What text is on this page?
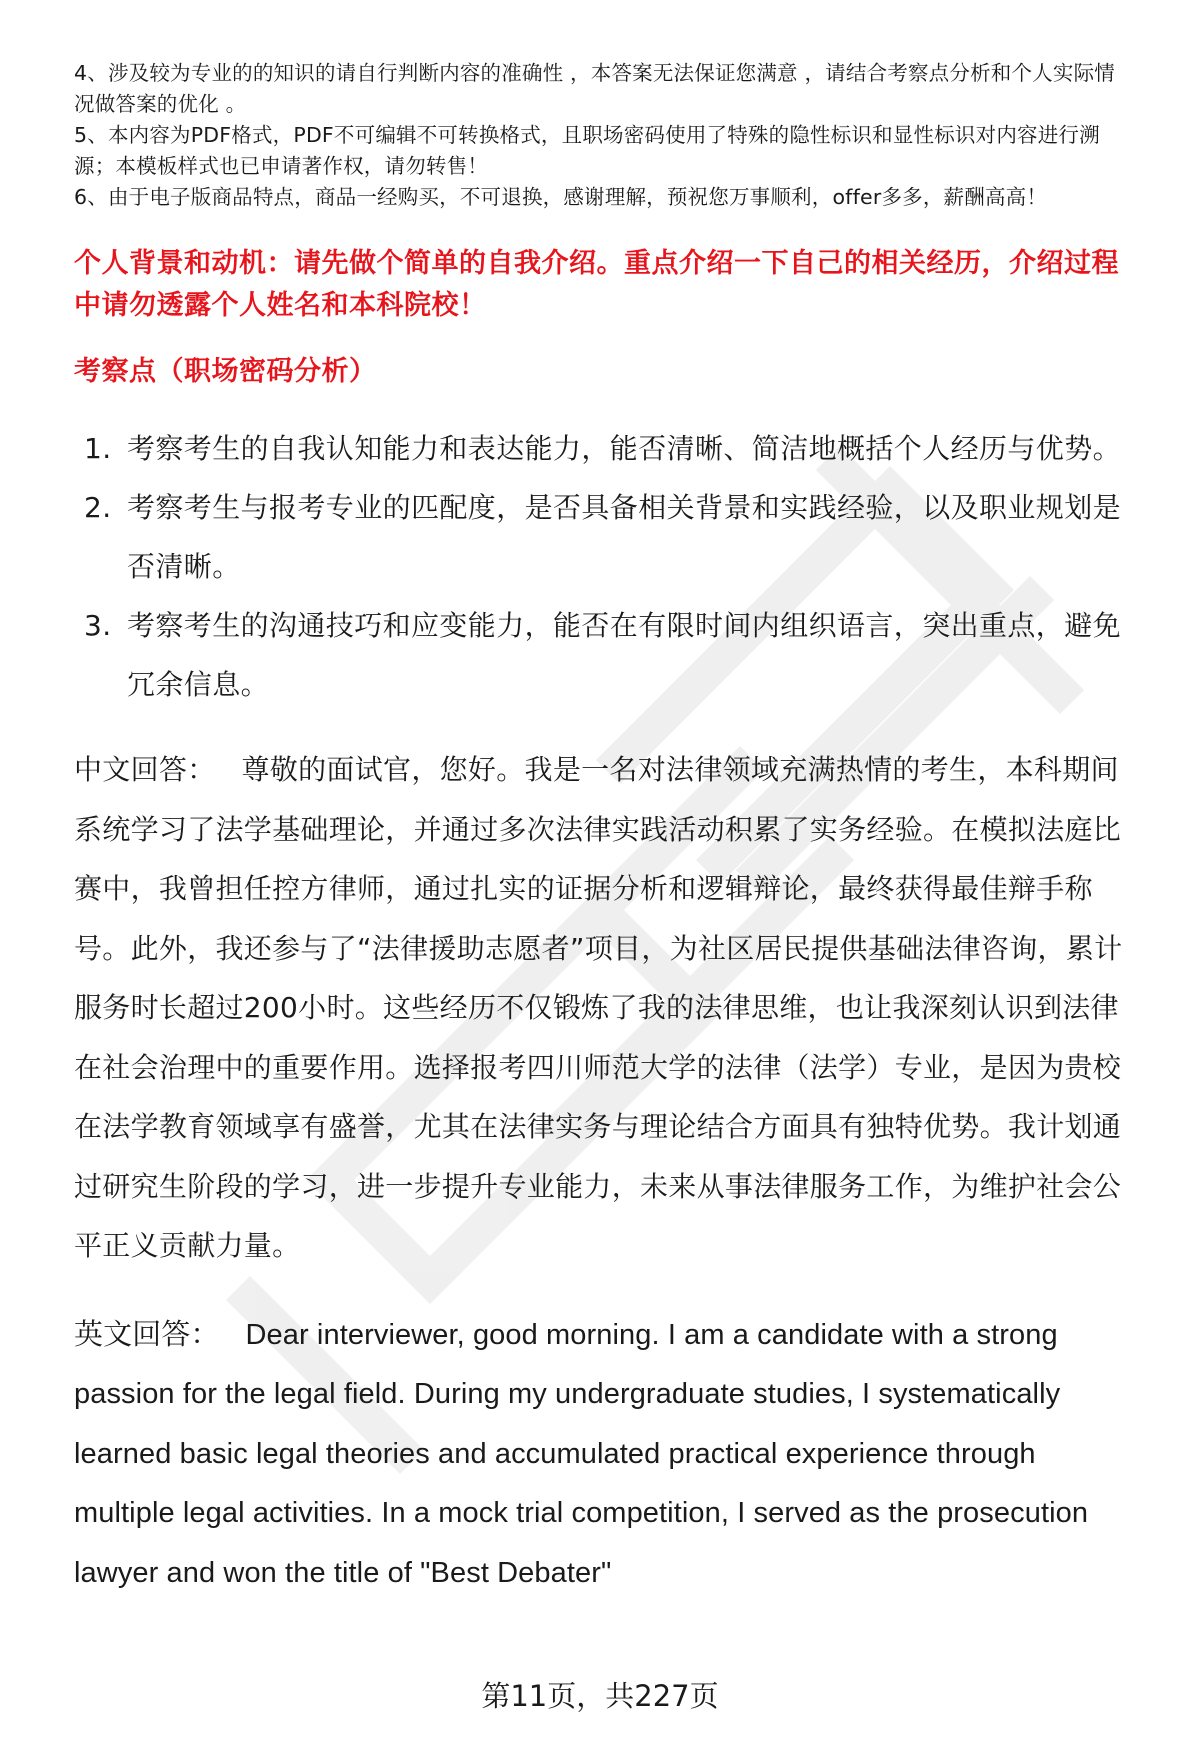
4、涉及较为专业的的知识的请自行判断内容的准确性 ，本答案无法保证您满意 ，请结合考察点分析和个人实际情况做答案的优化 。

5、本内容为PDF格式，PDF不可编辑不可转换格式，且职场密码使用了特殊的隐性标识和显性标识对内容进行溯源；本模板样式也已申请著作权，请勿转售！

6、由于电子版商品特点，商品一经购买，不可退换，感谢理解，预祝您万事顺利，offer多多，薪酬高高！

个人背景和动机：请先做个简单的自我介绍。重点介绍一下自己的相关经历，介绍过程中请勿透露个人姓名和本科院校！

考察点（职场密码分析）

1. 考察考生的自我认知能力和表达能力，能否清晰、简洁地概括个人经历与优势。
2. 考察考生与报考专业的匹配度，是否具备相关背景和实践经验，以及职业规划是否清晰。
3. 考察考生的沟通技巧和应变能力，能否在有限时间内组织语言，突出重点，避免冗余信息。

中文回答： 尊敬的面试官，您好。我是一名对法律领域充满热情的考生，本科期间系统学习了法学基础理论，并通过多次法律实践活动积累了实务经验。在模拟法庭比赛中，我曾担任控方律师，通过扎实的证据分析和逻辑辩论，最终获得最佳辩手称号。此外，我还参与了“法律援助志愿者”项目，为社区居民提供基础法律咨询，累计服务时长超过200小时。这些经历不仅锻炼了我的法律思维，也让我深刻认识到法律在社会治理中的重要作用。选择报考四川师范大学的法律（法学）专业，是因为贵校在法学教育领域享有盛誉，尤其在法律实务与理论结合方面具有独特优势。我计划通过研究生阶段的学习，进一步提升专业能力，未来从事法律服务工作，为维护社会公平正义贡献力量。

英文回答： Dear interviewer, good morning. I am a candidate with a strong passion for the legal field. During my undergraduate studies, I systematically learned basic legal theories and accumulated practical experience through multiple legal activities. In a mock trial competition, I served as the prosecution lawyer and won the title of "Best Debater"

第11页，共227页
